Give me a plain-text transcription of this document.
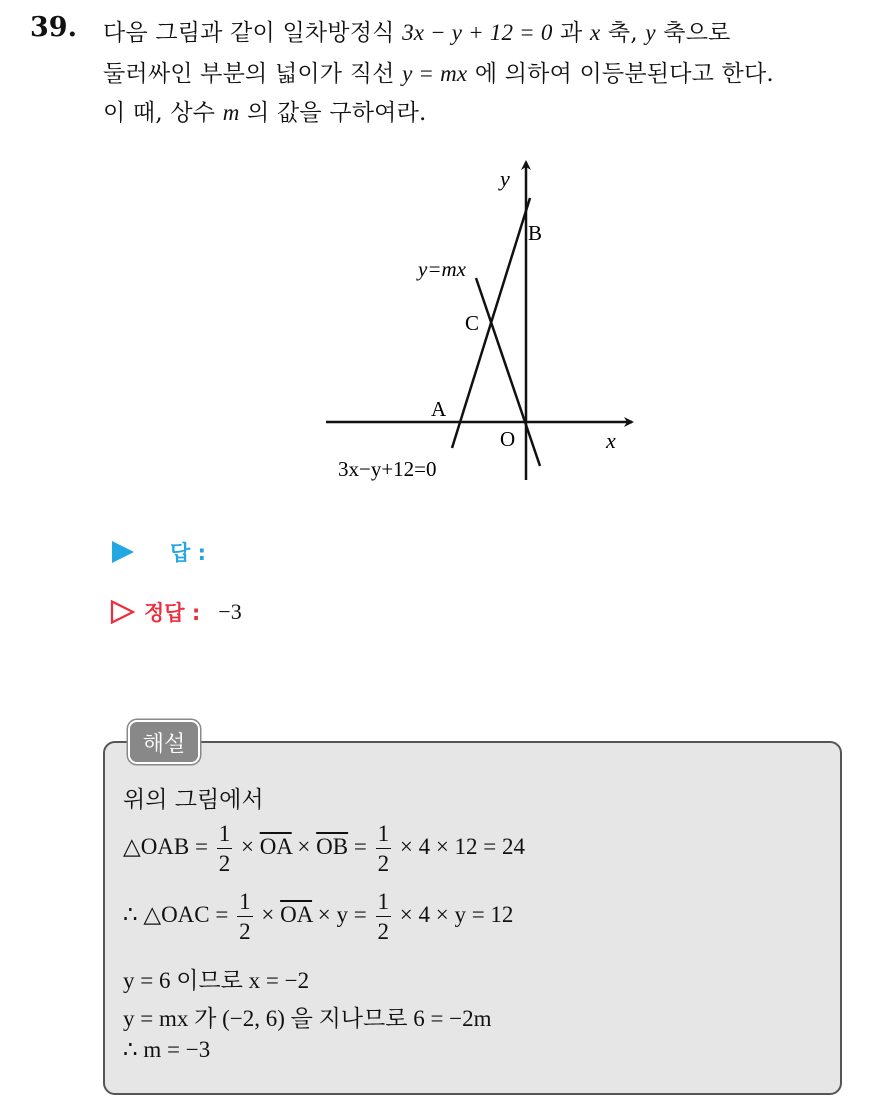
39. 다음 그림과 같이 일차방정식 3x − y + 12 = 0 과 x 축, y 축으로
둘러싸인 부분의 넓이가 직선 y = mx 에 의하여 이등분된다고 한다.
이 때, 상수 m 의 값을 구하여라.
y
x
B
C
A
O
y=mx
3x−y+12=0
답 :
정답 : −3
해설
위의 그림에서
△OAB = $\frac{1}{2} \times \overline{OA} \times \overline{OB} = \frac{1}{2} \times 4 \times 12 = 24$
∴ △OAC = $\frac{1}{2} \times \overline{OA} \times y = \frac{1}{2} \times 4 \times y = 12$
y = 6 이므로 x = −2
y = mx 가 (−2, 6) 을 지나므로 6 = −2m
∴ m = −3
